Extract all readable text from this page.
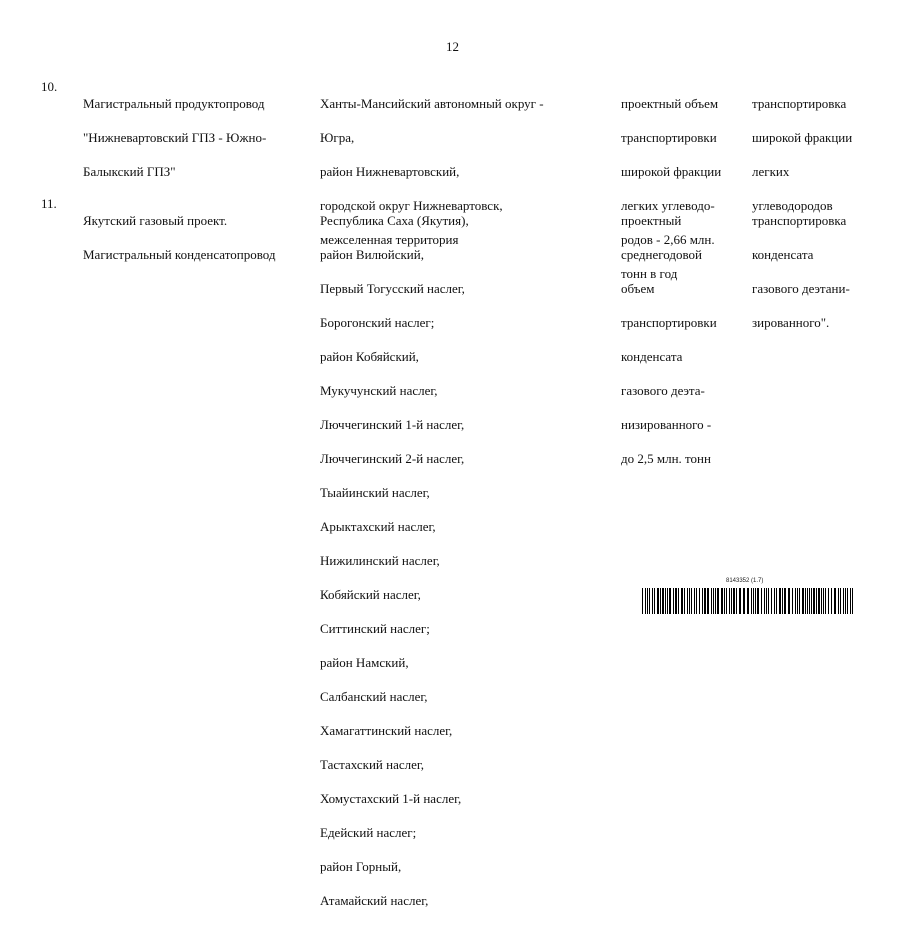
12
10.

Магистральный продуктопровод

"Нижневартовский ГПЗ - Южно-

Балыкский ГПЗ"

Ханты-Мансийский автономный округ -

Югра,

район Нижневартовский,

городской округ Нижневартовск,

межселенная территория

проектный объем

транспортировки

широкой фракции

легких углеводо-

родов - 2,66 млн.

тонн в год

транспортировка

широкой фракции

легких

углеводородов

11.

Якутский газовый проект.

Магистральный конденсатопровод

Республика Саха (Якутия),

район Вилюйский,

Первый Тогусский наслег,

Борогонский наслег;

район Кобяйский,

Мукучунский наслег,

Люччегинский 1-й наслег,

Люччегинский 2-й наслег,

Тыайинский наслег,

Арыктахский наслег,

Нижилинский наслег,

Кобяйский наслег,

Ситтинский наслег;

район Намский,

Салбанский наслег,

Хамагаттинский наслег,

Тастахский наслег,

Хомустахский 1-й наслег,

Едейский наслег;

район Горный,

Атамайский наслег,

проектный

среднегодовой

объем

транспортировки

конденсата

газового деэта-

низированного -

до 2,5 млн. тонн

транспортировка

конденсата

газового деэтани-

зированного".

8143352 (1.7)
